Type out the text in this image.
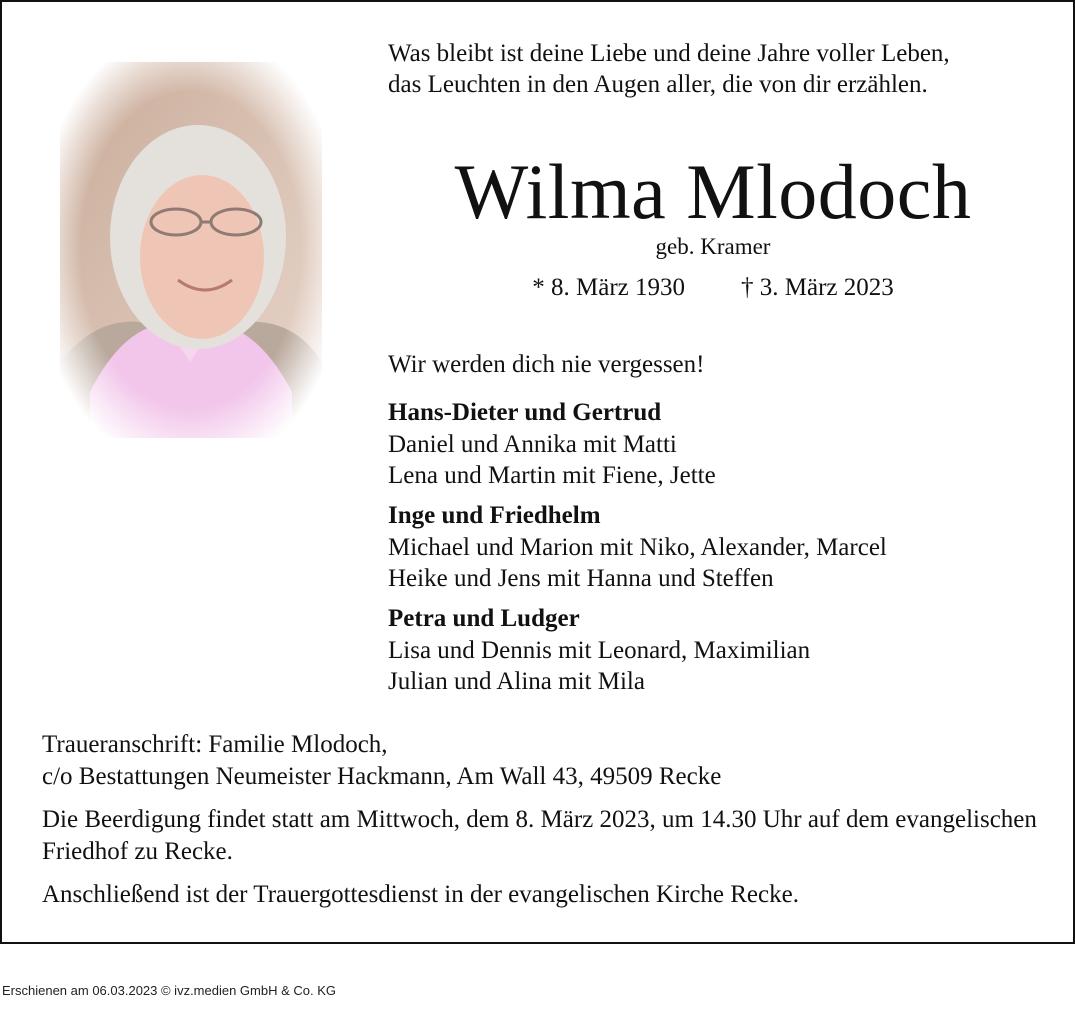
Was bleibt ist deine Liebe und deine Jahre voller Leben,
das Leuchten in den Augen aller, die von dir erzählen.
Wilma Mlodoch
geb. Kramer
* 8. März 1930 † 3. März 2023
Wir werden dich nie vergessen!
Hans-Dieter und Gertrud
Daniel und Annika mit Matti
Lena und Martin mit Fiene, Jette
Inge und Friedhelm
Michael und Marion mit Niko, Alexander, Marcel
Heike und Jens mit Hanna und Steffen
Petra und Ludger
Lisa und Dennis mit Leonard, Maximilian
Julian und Alina mit Mila

Traueranschrift: Familie Mlodoch,
c/o Bestattungen Neumeister Hackmann, Am Wall 43, 49509 Recke

Die Beerdigung findet statt am Mittwoch, dem 8. März 2023, um 14.30 Uhr auf dem evangelischen Friedhof zu Recke.

Anschließend ist der Trauergottesdienst in der evangelischen Kirche Recke.

Erschienen am 06.03.2023 © ivz.medien GmbH & Co. KG
